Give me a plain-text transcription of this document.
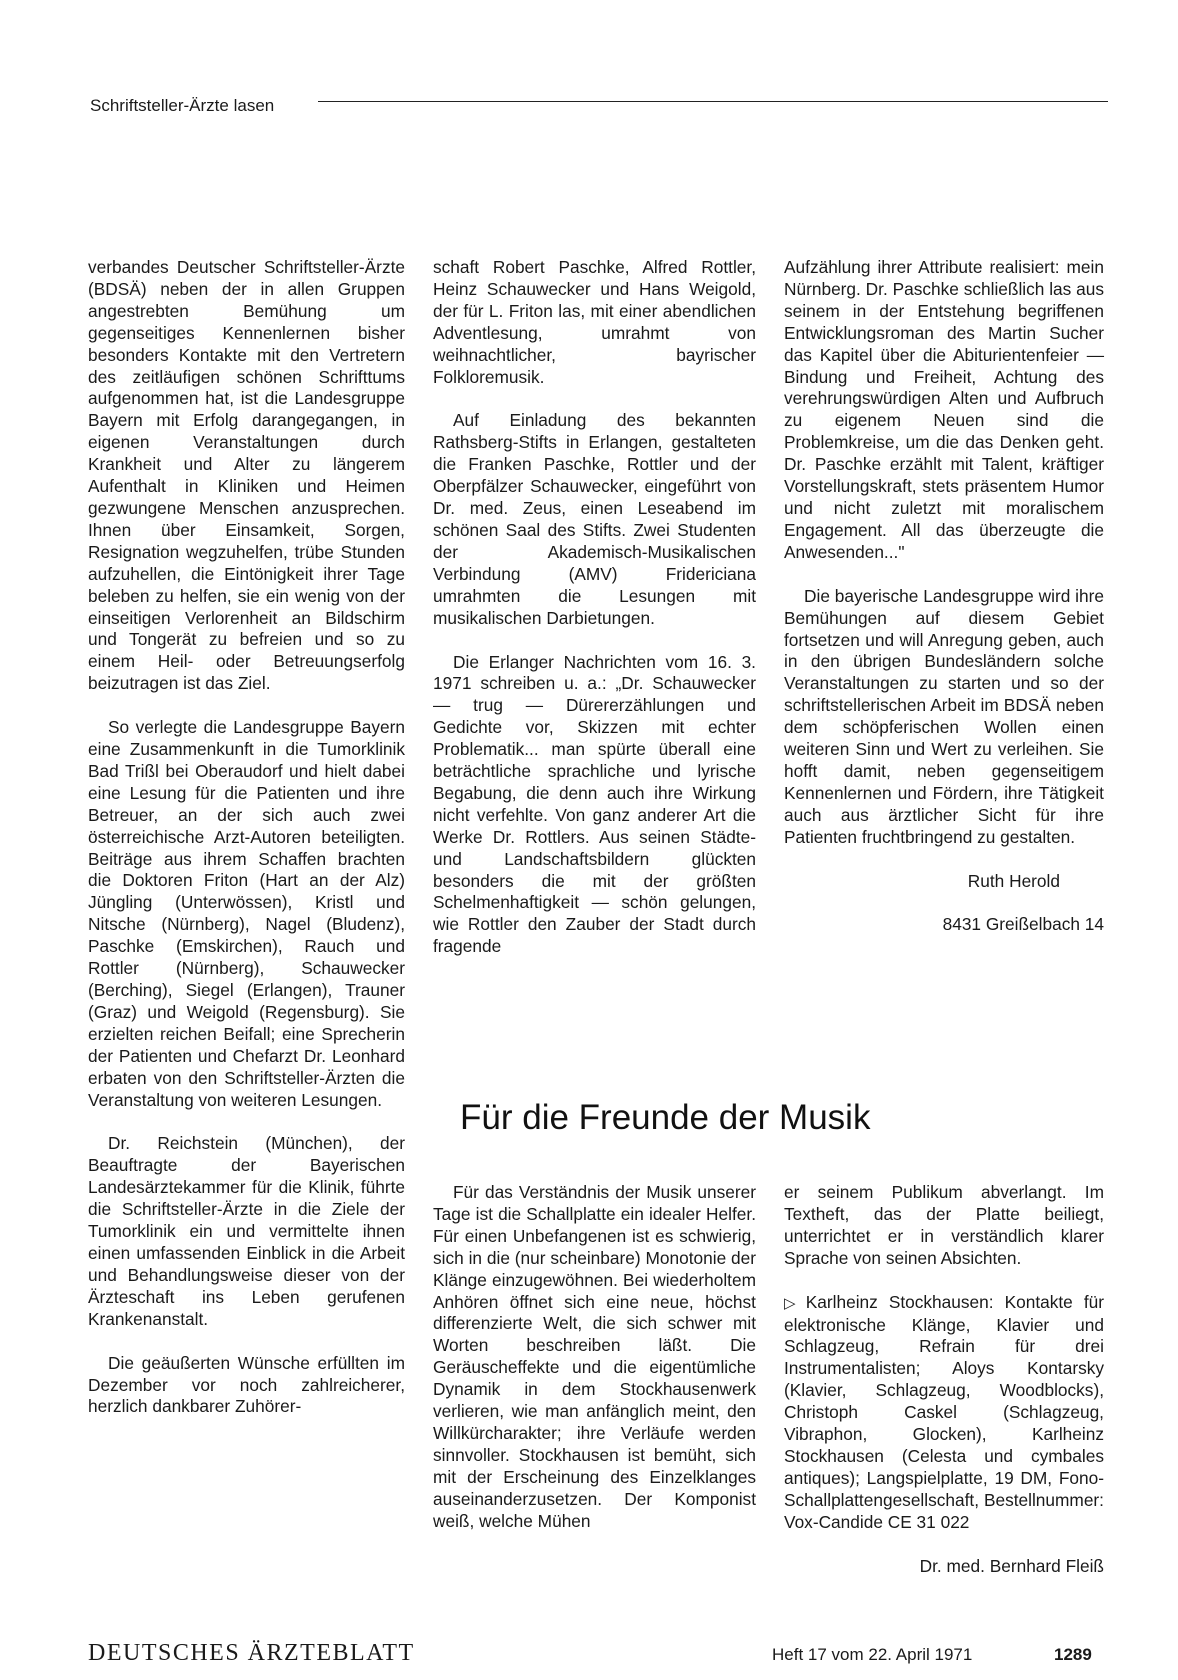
Schriftsteller-Ärzte lasen

verbandes Deutscher Schriftsteller-Ärzte (BDSÄ) neben der in allen Gruppen angestrebten Bemühung um gegenseitiges Kennenlernen bisher besonders Kontakte mit den Vertretern des zeitläufigen schönen Schrifttums aufgenommen hat, ist die Landesgruppe Bayern mit Erfolg darangegangen, in eigenen Veranstaltungen durch Krankheit und Alter zu längerem Aufenthalt in Kliniken und Heimen gezwungene Menschen anzusprechen. Ihnen über Einsamkeit, Sorgen, Resignation wegzuhelfen, trübe Stunden aufzuhellen, die Eintönigkeit ihrer Tage beleben zu helfen, sie ein wenig von der einseitigen Verlorenheit an Bildschirm und Tongerät zu befreien und so zu einem Heil- oder Betreuungserfolg beizutragen ist das Ziel.

So verlegte die Landesgruppe Bayern eine Zusammenkunft in die Tumorklinik Bad Trißl bei Oberaudorf und hielt dabei eine Lesung für die Patienten und ihre Betreuer, an der sich auch zwei österreichische Arzt-Autoren beteiligten. Beiträge aus ihrem Schaffen brachten die Doktoren Friton (Hart an der Alz) Jüngling (Unterwössen), Kristl und Nitsche (Nürnberg), Nagel (Bludenz), Paschke (Emskirchen), Rauch und Rottler (Nürnberg), Schauwecker (Berching), Siegel (Erlangen), Trauner (Graz) und Weigold (Regensburg). Sie erzielten reichen Beifall; eine Sprecherin der Patienten und Chefarzt Dr. Leonhard erbaten von den Schriftsteller-Ärzten die Veranstaltung von weiteren Lesungen.

Dr. Reichstein (München), der Beauftragte der Bayerischen Landesärztekammer für die Klinik, führte die Schriftsteller-Ärzte in die Ziele der Tumorklinik ein und vermittelte ihnen einen umfassenden Einblick in die Arbeit und Behandlungsweise dieser von der Ärzteschaft ins Leben gerufenen Krankenanstalt.

Die geäußerten Wünsche erfüllten im Dezember vor noch zahlreicherer, herzlich dankbarer Zuhörer-

schaft Robert Paschke, Alfred Rottler, Heinz Schauwecker und Hans Weigold, der für L. Friton las, mit einer abendlichen Adventlesung, umrahmt von weihnachtlicher, bayrischer Folkloremusik.

Auf Einladung des bekannten Rathsberg-Stifts in Erlangen, gestalteten die Franken Paschke, Rottler und der Oberpfälzer Schauwecker, eingeführt von Dr. med. Zeus, einen Leseabend im schönen Saal des Stifts. Zwei Studenten der Akademisch-Musikalischen Verbindung (AMV) Fridericiana umrahmten die Lesungen mit musikalischen Darbietungen.

Die Erlanger Nachrichten vom 16. 3. 1971 schreiben u. a.: „Dr. Schauwecker — trug — Dürererzählungen und Gedichte vor, Skizzen mit echter Problematik... man spürte überall eine beträchtliche sprachliche und lyrische Begabung, die denn auch ihre Wirkung nicht verfehlte. Von ganz anderer Art die Werke Dr. Rottlers. Aus seinen Städte- und Landschaftsbildern glückten besonders die mit der größten Schelmenhaftigkeit — schön gelungen, wie Rottler den Zauber der Stadt durch fragende

Aufzählung ihrer Attribute realisiert: mein Nürnberg. Dr. Paschke schließlich las aus seinem in der Entstehung begriffenen Entwicklungsroman des Martin Sucher das Kapitel über die Abiturientenfeier — Bindung und Freiheit, Achtung des verehrungswürdigen Alten und Aufbruch zu eigenem Neuen sind die Problemkreise, um die das Denken geht. Dr. Paschke erzählt mit Talent, kräftiger Vorstellungskraft, stets präsentem Humor und nicht zuletzt mit moralischem Engagement. All das überzeugte die Anwesenden..."

Die bayerische Landesgruppe wird ihre Bemühungen auf diesem Gebiet fortsetzen und will Anregung geben, auch in den übrigen Bundesländern solche Veranstaltungen zu starten und so der schriftstellerischen Arbeit im BDSÄ neben dem schöpferischen Wollen einen weiteren Sinn und Wert zu verleihen. Sie hofft damit, neben gegenseitigem Kennenlernen und Fördern, ihre Tätigkeit auch aus ärztlicher Sicht für ihre Patienten fruchtbringend zu gestalten.

Ruth Herold

8431 Greißelbach 14

Für die Freunde der Musik

Für das Verständnis der Musik unserer Tage ist die Schallplatte ein idealer Helfer. Für einen Unbefangenen ist es schwierig, sich in die (nur scheinbare) Monotonie der Klänge einzugewöhnen. Bei wiederholtem Anhören öffnet sich eine neue, höchst differenzierte Welt, die sich schwer mit Worten beschreiben läßt. Die Geräuscheffekte und die eigentümliche Dynamik in dem Stockhausenwerk verlieren, wie man anfänglich meint, den Willkürcharakter; ihre Verläufe werden sinnvoller. Stockhausen ist bemüht, sich mit der Erscheinung des Einzelklanges auseinanderzusetzen. Der Komponist weiß, welche Mühen

er seinem Publikum abverlangt. Im Textheft, das der Platte beiliegt, unterrichtet er in verständlich klarer Sprache von seinen Absichten.

▷ Karlheinz Stockhausen: Kontakte für elektronische Klänge, Klavier und Schlagzeug, Refrain für drei Instrumentalisten; Aloys Kontarsky (Klavier, Schlagzeug, Woodblocks), Christoph Caskel (Schlagzeug, Vibraphon, Glocken), Karlheinz Stockhausen (Celesta und cymbales antiques); Langspielplatte, 19 DM, Fono-Schallplattengesellschaft, Bestellnummer: Vox-Candide CE 31 022

Dr. med. Bernhard Fleiß

DEUTSCHES ÄRZTEBLATT	Heft 17 vom 22. April 1971	1289
